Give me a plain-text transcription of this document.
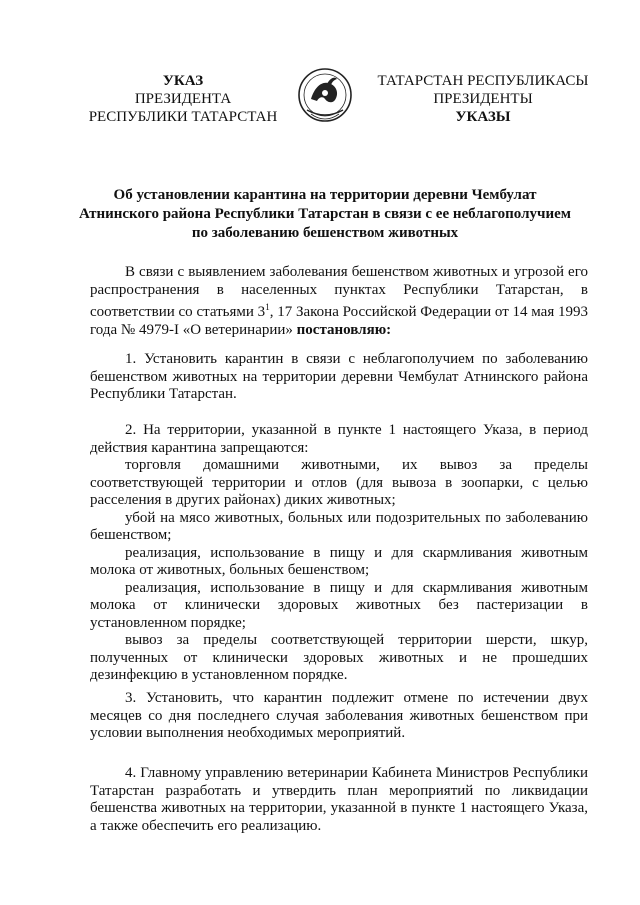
УКАЗ
ПРЕЗИДЕНТА
РЕСПУБЛИКИ ТАТАРСТАН
ТАТАРСТАН РЕСПУБЛИКАСЫ
ПРЕЗИДЕНТЫ
УКАЗЫ
Об установлении карантина на территории деревни Чембулат
Атнинского района Республики Татарстан в связи с ее неблагополучием
по заболеванию бешенством животных

В связи с выявлением заболевания бешенством животных и угрозой его распространения в населенных пунктах Республики Татарстан, в соответствии со статьями $3^1$, 17 Закона Российской Федерации от 14 мая 1993 года № 4979-I «О ветеринарии» постановляю:

1. Установить карантин в связи с неблагополучием по заболеванию бешенством животных на территории деревни Чембулат Атнинского района Республики Татарстан.

2. На территории, указанной в пункте 1 настоящего Указа, в период действия карантина запрещаются:

торговля домашними животными, их вывоз за пределы соответствующей территории и отлов (для вывоза в зоопарки, с целью расселения в других районах) диких животных;

убой на мясо животных, больных или подозрительных по заболеванию бешенством;

реализация, использование в пищу и для скармливания животным молока от животных, больных бешенством;

реализация, использование в пищу и для скармливания животным молока от клинически здоровых животных без пастеризации в установленном порядке;

вывоз за пределы соответствующей территории шерсти, шкур, полученных от клинически здоровых животных и не прошедших дезинфекцию в установленном порядке.

3. Установить, что карантин подлежит отмене по истечении двух месяцев со дня последнего случая заболевания животных бешенством при условии выполнения необходимых мероприятий.

4. Главному управлению ветеринарии Кабинета Министров Республики Татарстан разработать и утвердить план мероприятий по ликвидации бешенства животных на территории, указанной в пункте 1 настоящего Указа, а также обеспечить его реализацию.
